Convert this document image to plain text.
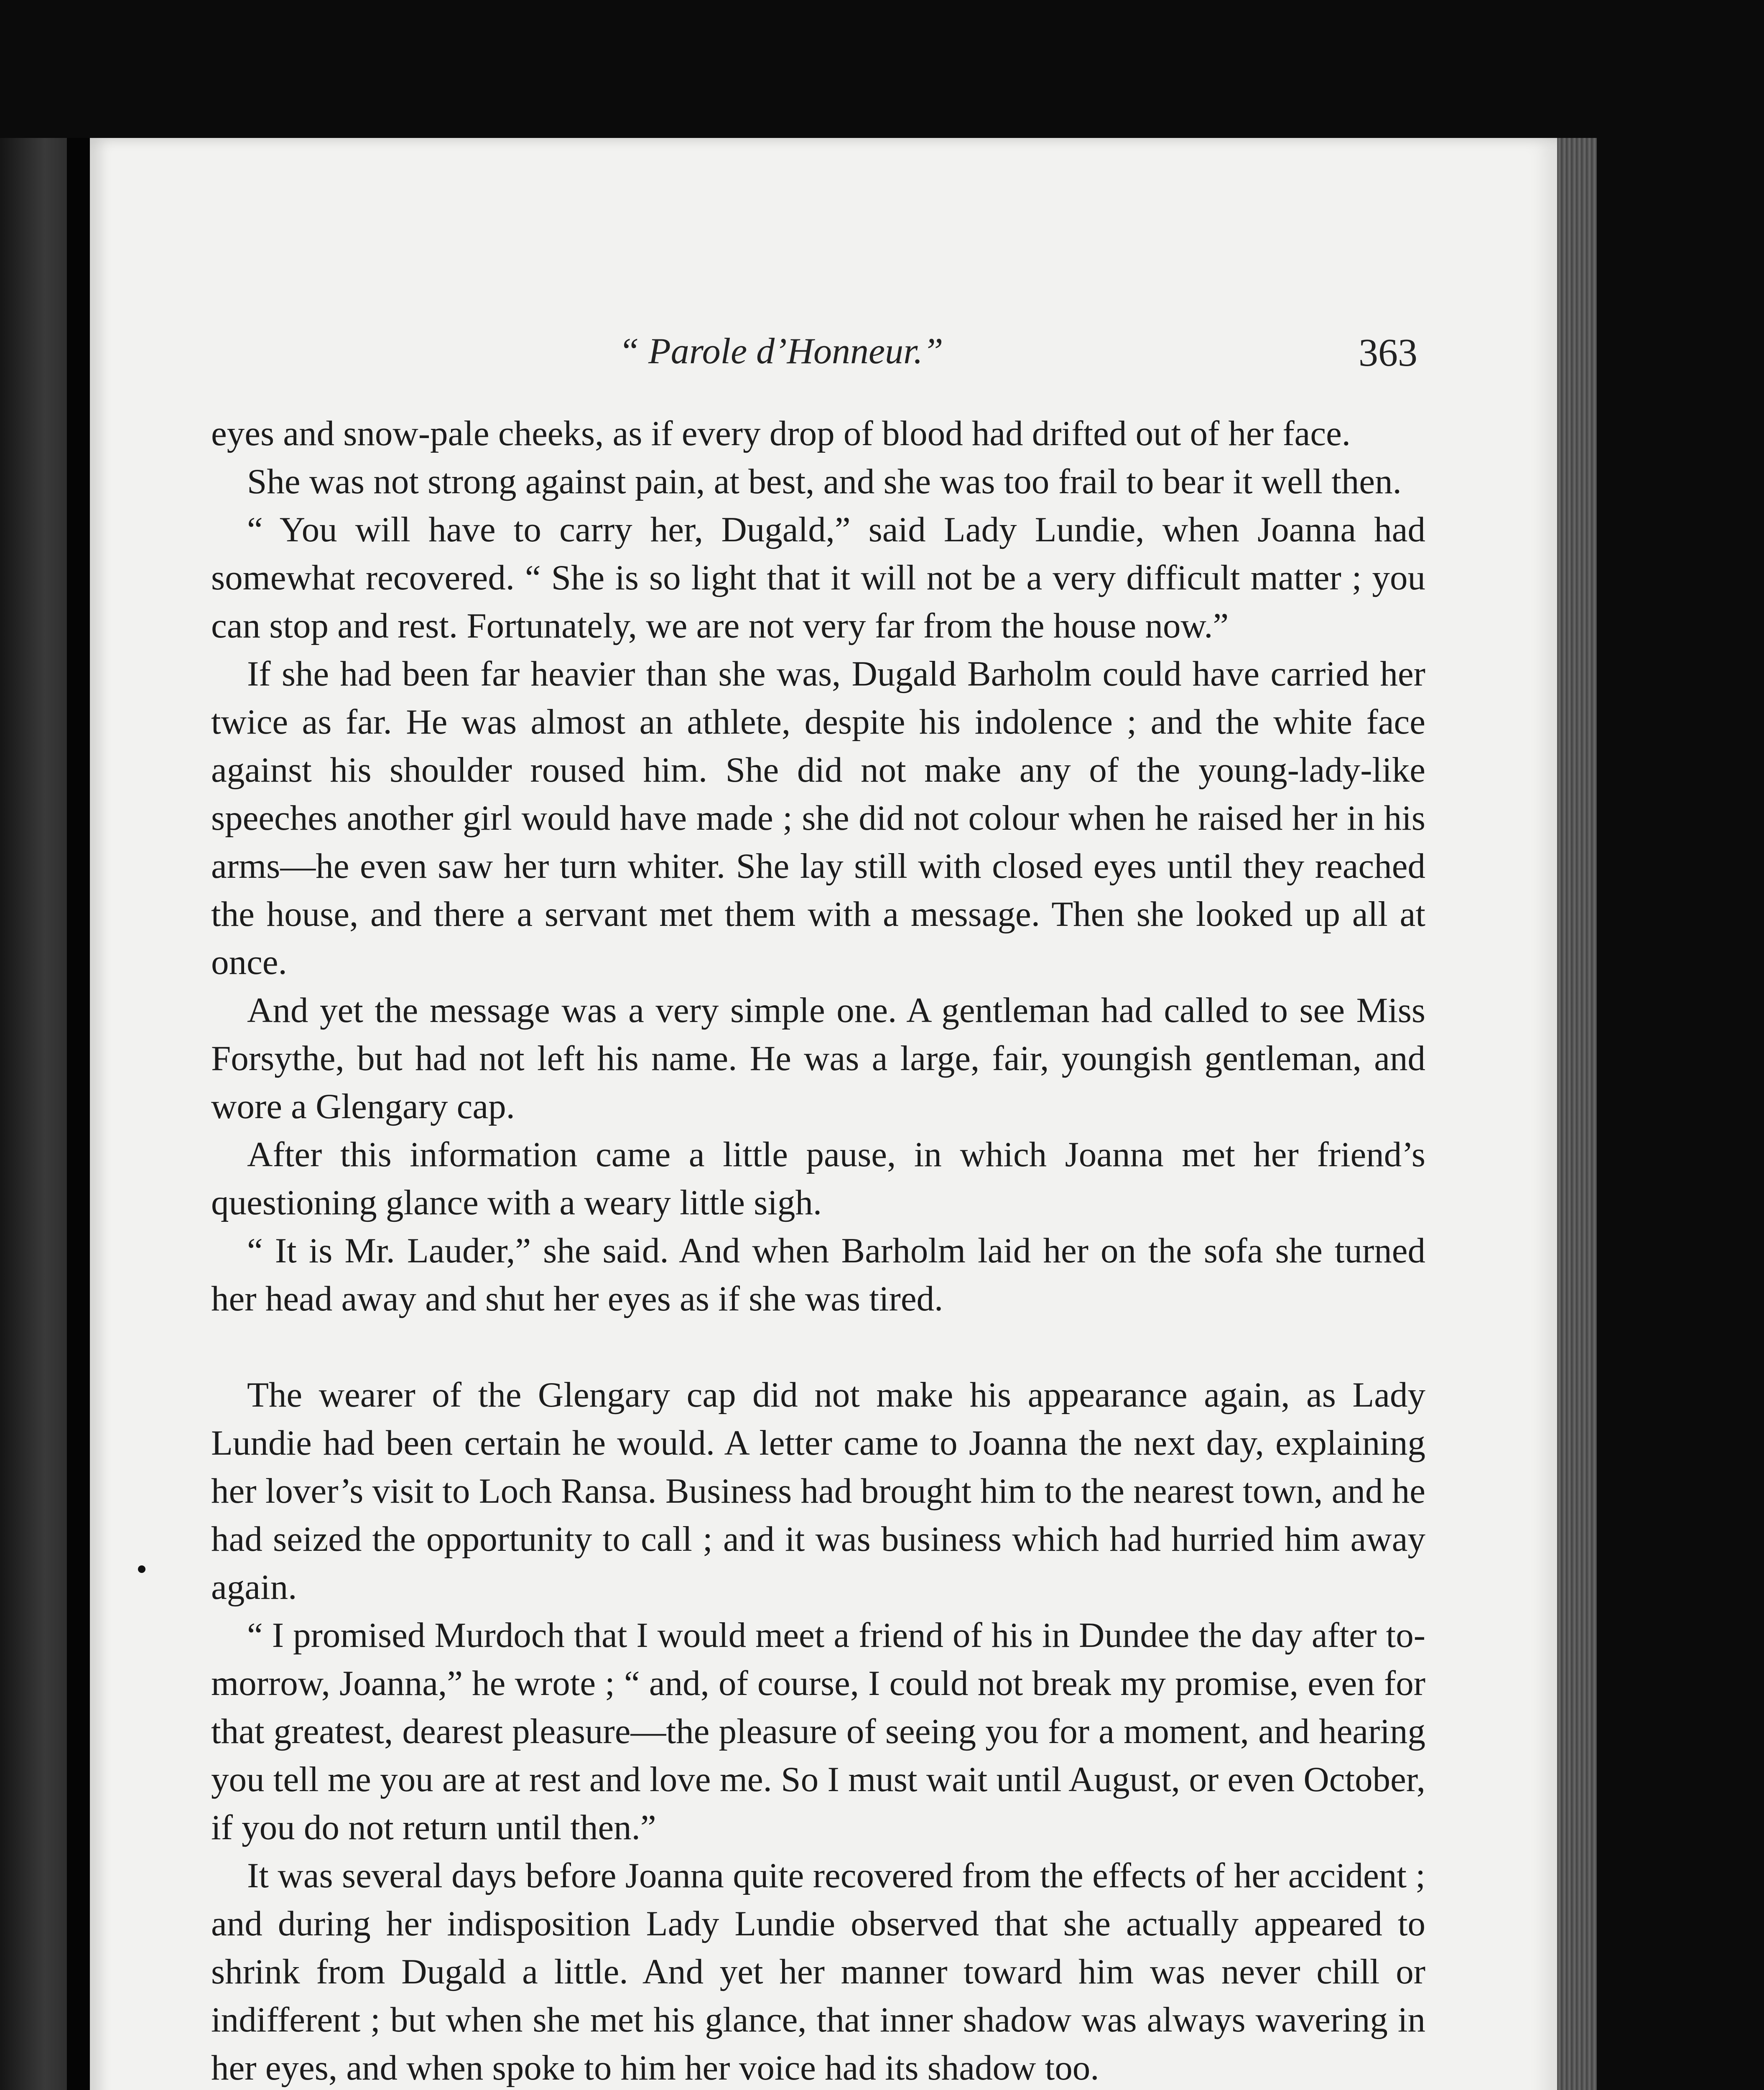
“ Parole d’Honneur.”	363

eyes and snow-pale cheeks, as if every drop of blood had drifted out of her face.

She was not strong against pain, at best, and she was too frail to bear it well then.

“ You will have to carry her, Dugald,” said Lady Lundie, when Joanna had somewhat recovered. “ She is so light that it will not be a very difficult matter ; you can stop and rest. Fortunately, we are not very far from the house now.”

If she had been far heavier than she was, Dugald Barholm could have carried her twice as far. He was almost an athlete, despite his indolence ; and the white face against his shoulder roused him. She did not make any of the young-lady-like speeches another girl would have made ; she did not colour when he raised her in his arms—he even saw her turn whiter. She lay still with closed eyes until they reached the house, and there a servant met them with a message. Then she looked up all at once.

And yet the message was a very simple one. A gentleman had called to see Miss Forsythe, but had not left his name. He was a large, fair, youngish gentleman, and wore a Glengary cap.

After this information came a little pause, in which Joanna met her friend’s questioning glance with a weary little sigh.

“ It is Mr. Lauder,” she said. And when Barholm laid her on the sofa she turned her head away and shut her eyes as if she was tired.

The wearer of the Glengary cap did not make his appearance again, as Lady Lundie had been certain he would. A letter came to Joanna the next day, explaining her lover’s visit to Loch Ransa. Business had brought him to the nearest town, and he had seized the opportunity to call ; and it was business which had hurried him away again.

“ I promised Murdoch that I would meet a friend of his in Dundee the day after to-morrow, Joanna,” he wrote ; “ and, of course, I could not break my promise, even for that greatest, dearest pleasure—the pleasure of seeing you for a moment, and hearing you tell me you are at rest and love me. So I must wait until August, or even October, if you do not return until then.”

It was several days before Joanna quite recovered from the effects of her accident ; and during her indisposition Lady Lundie observed that she actually appeared to shrink from Dugald a little. And yet her manner toward him was never chill or indifferent ; but when she met his glance, that inner shadow was always wavering in her eyes, and when spoke to him her voice had its shadow too.
